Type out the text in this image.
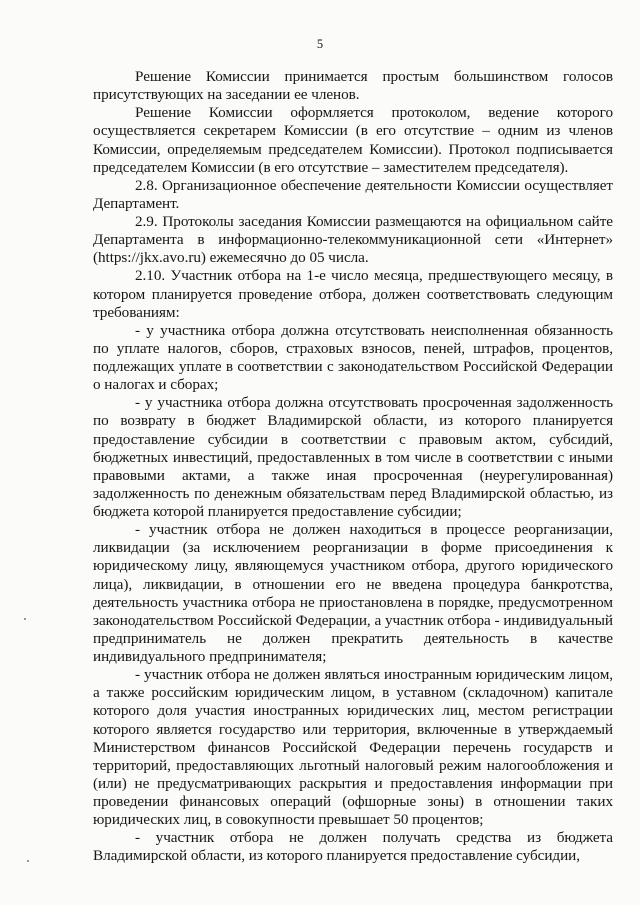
5

Решение Комиссии принимается простым большинством голосов присутствующих на заседании ее членов.

Решение Комиссии оформляется протоколом, ведение которого осуществляется секретарем Комиссии (в его отсутствие – одним из членов Комиссии, определяемым председателем Комиссии). Протокол подписывается председателем Комиссии (в его отсутствие – заместителем председателя).

2.8. Организационное обеспечение деятельности Комиссии осуществляет Департамент.

2.9. Протоколы заседания Комиссии размещаются на официальном сайте Департамента в информационно-телекоммуникационной сети «Интернет» (https://jkx.avo.ru) ежемесячно до 05 числа.

2.10. Участник отбора на 1-е число месяца, предшествующего месяцу, в котором планируется проведение отбора, должен соответствовать следующим требованиям:

- у участника отбора должна отсутствовать неисполненная обязанность по уплате налогов, сборов, страховых взносов, пеней, штрафов, процентов, подлежащих уплате в соответствии с законодательством Российской Федерации о налогах и сборах;

- у участника отбора должна отсутствовать просроченная задолженность по возврату в бюджет Владимирской области, из которого планируется предоставление субсидии в соответствии с правовым актом, субсидий, бюджетных инвестиций, предоставленных в том числе в соответствии с иными правовыми актами, а также иная просроченная (неурегулированная) задолженность по денежным обязательствам перед Владимирской областью, из бюджета которой планируется предоставление субсидии;

- участник отбора не должен находиться в процессе реорганизации, ликвидации (за исключением реорганизации в форме присоединения к юридическому лицу, являющемуся участником отбора, другого юридического лица), ликвидации, в отношении его не введена процедура банкротства, деятельность участника отбора не приостановлена в порядке, предусмотренном законодательством Российской Федерации, а участник отбора - индивидуальный предприниматель не должен прекратить деятельность в качестве индивидуального предпринимателя;

- участник отбора не должен являться иностранным юридическим лицом, а также российским юридическим лицом, в уставном (складочном) капитале которого доля участия иностранных юридических лиц, местом регистрации которого является государство или территория, включенные в утверждаемый Министерством финансов Российской Федерации перечень государств и территорий, предоставляющих льготный налоговый режим налогообложения и (или) не предусматривающих раскрытия и предоставления информации при проведении финансовых операций (офшорные зоны) в отношении таких юридических лиц, в совокупности превышает 50 процентов;

- участник отбора не должен получать средства из бюджета Владимирской области, из которого планируется предоставление субсидии,
